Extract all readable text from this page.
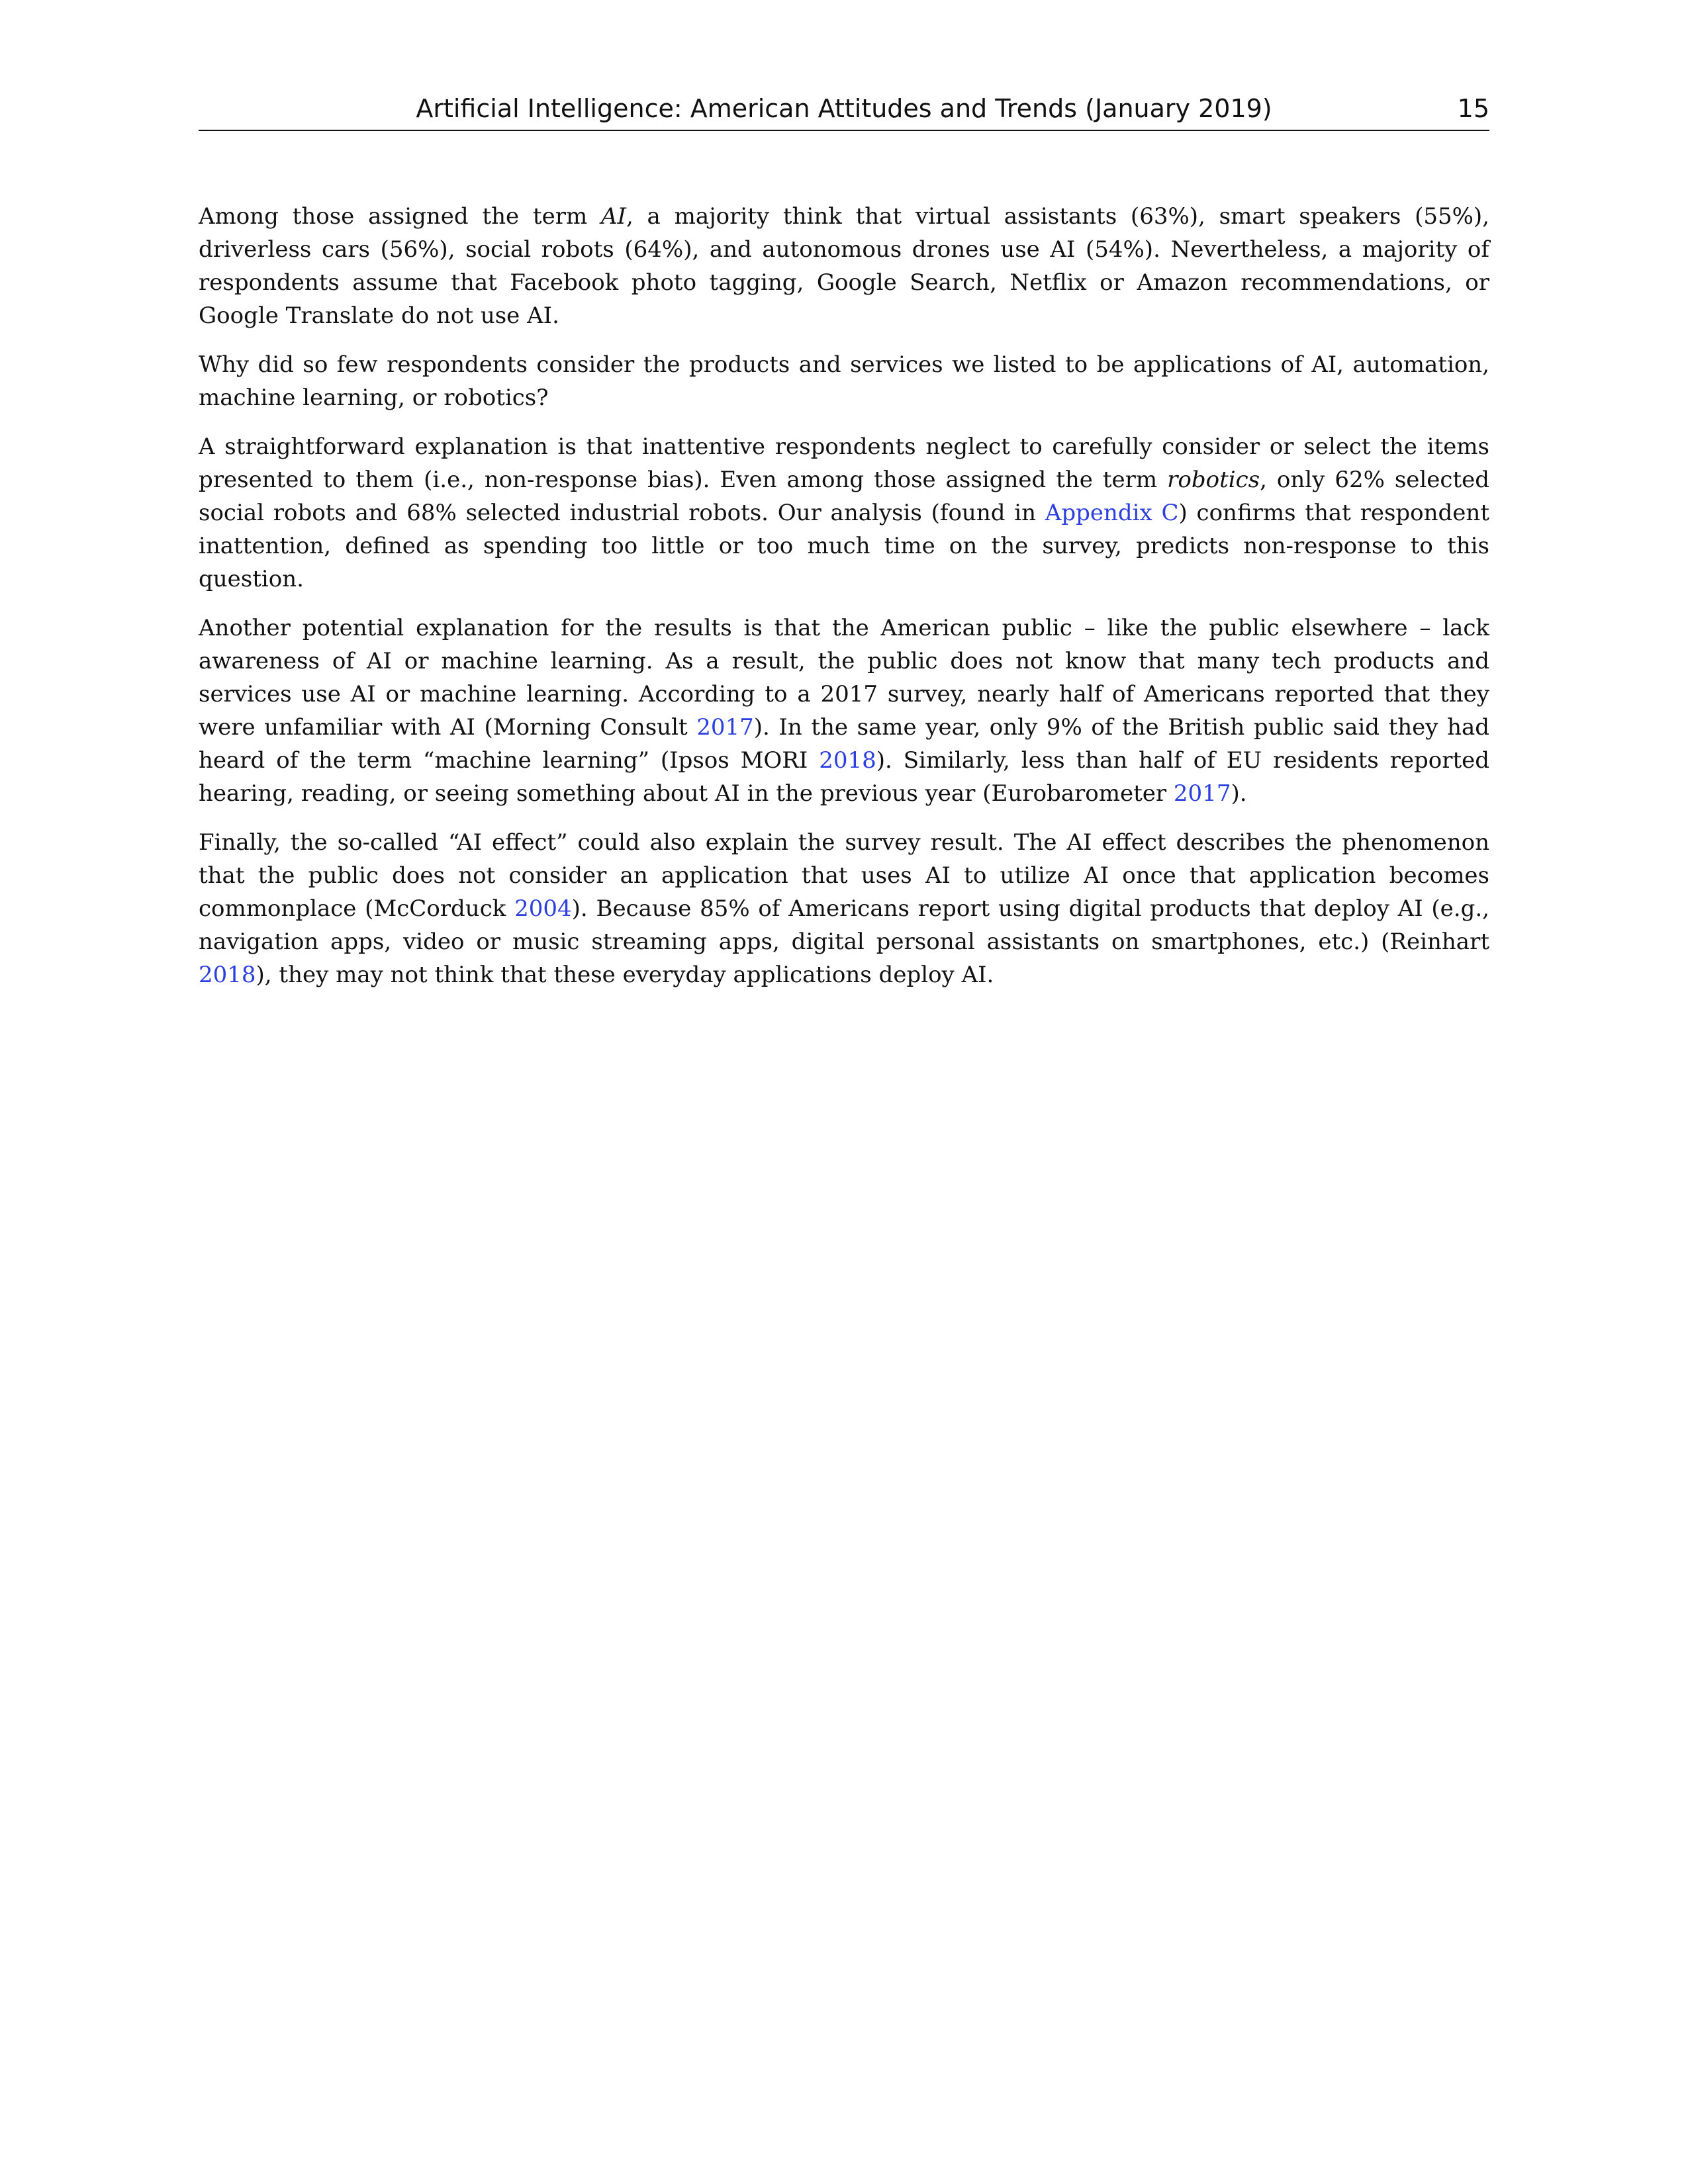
Artificial Intelligence: American Attitudes and Trends (January 2019)	15

Among those assigned the term AI, a majority think that virtual assistants (63%), smart speakers (55%), driverless cars (56%), social robots (64%), and autonomous drones use AI (54%). Nevertheless, a majority of respondents assume that Facebook photo tagging, Google Search, Netflix or Amazon recommendations, or Google Translate do not use AI.

Why did so few respondents consider the products and services we listed to be applications of AI, automation, machine learning, or robotics?

A straightforward explanation is that inattentive respondents neglect to carefully consider or select the items presented to them (i.e., non-response bias). Even among those assigned the term robotics, only 62% selected social robots and 68% selected industrial robots. Our analysis (found in Appendix C) confirms that respondent inattention, defined as spending too little or too much time on the survey, predicts non-response to this question.

Another potential explanation for the results is that the American public – like the public elsewhere – lack awareness of AI or machine learning. As a result, the public does not know that many tech products and services use AI or machine learning. According to a 2017 survey, nearly half of Americans reported that they were unfamiliar with AI (Morning Consult 2017). In the same year, only 9% of the British public said they had heard of the term “machine learning” (Ipsos MORI 2018). Similarly, less than half of EU residents reported hearing, reading, or seeing something about AI in the previous year (Eurobarometer 2017).

Finally, the so-called “AI effect” could also explain the survey result. The AI effect describes the phenomenon that the public does not consider an application that uses AI to utilize AI once that application becomes commonplace (McCorduck 2004). Because 85% of Americans report using digital products that deploy AI (e.g., navigation apps, video or music streaming apps, digital personal assistants on smartphones, etc.) (Reinhart 2018), they may not think that these everyday applications deploy AI.
